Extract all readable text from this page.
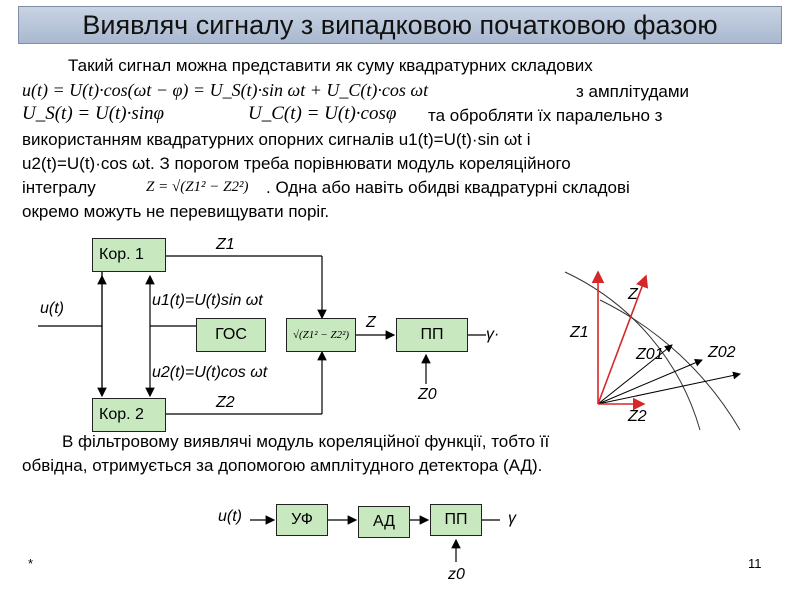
Виявляч сигналу з випадковою початковою фазою
Такий сигнал можна представити як суму квадратурних складових
u(t) = U(t)·cos(ωt − φ) = U_S(t)·sin ωt + U_C(t)·cos ωt	з амплітудами
U_S(t) = U(t)·sinφ	U_C(t) = U(t)·cosφ та обробляти їх паралельно з
використанням квадратурних опорних сигналів u1(t)=U(t)·sin ωt і
u2(t)=U(t)·cos ωt. З порогом треба порівнювати модуль кореляційного
інтегралу	Z = √(Z1² − Z2²) . Одна або навіть обидві квадратурні складові
окремо можуть не перевищувати поріг.
Кор. 1
Кор. 2
ГОС	√(Z1² − Z2²)	ПП
u(t)
Z1
Z2
u1(t)=U(t)sin ωt
u2(t)=U(t)cos ωt
Z
Z0
γ·
Z
Z1
Z2
Z01	Z02
В фільтровому виявлячі модуль кореляційної функції, тобто її
обвідна, отримується за допомогою амплітудного детектора (АД).
УФ	АД	ПП
u(t)	γ
z0
*	11
